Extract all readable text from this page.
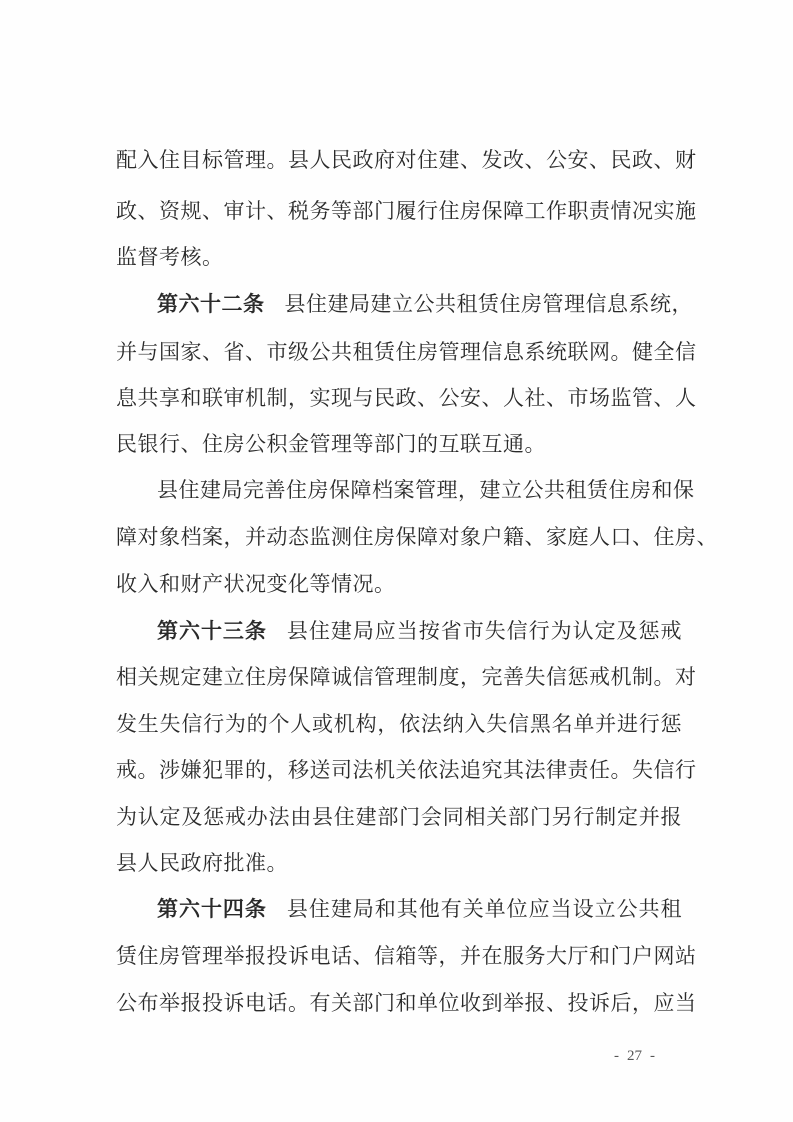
配入住目标管理。县人民政府对住建、发改、公安、民政、财
政、资规、审计、税务等部门履行住房保障工作职责情况实施
监督考核。
第六十二条 县住建局建立公共租赁住房管理信息系统，
并与国家、省、市级公共租赁住房管理信息系统联网。健全信
息共享和联审机制，实现与民政、公安、人社、市场监管、人
民银行、住房公积金管理等部门的互联互通。
县住建局完善住房保障档案管理，建立公共租赁住房和保
障对象档案，并动态监测住房保障对象户籍、家庭人口、住房、
收入和财产状况变化等情况。
第六十三条 县住建局应当按省市失信行为认定及惩戒
相关规定建立住房保障诚信管理制度，完善失信惩戒机制。对
发生失信行为的个人或机构，依法纳入失信黑名单并进行惩
戒。涉嫌犯罪的，移送司法机关依法追究其法律责任。失信行
为认定及惩戒办法由县住建部门会同相关部门另行制定并报
县人民政府批准。
第六十四条 县住建局和其他有关单位应当设立公共租
赁住房管理举报投诉电话、信箱等，并在服务大厅和门户网站
公布举报投诉电话。有关部门和单位收到举报、投诉后，应当
- 27 -
